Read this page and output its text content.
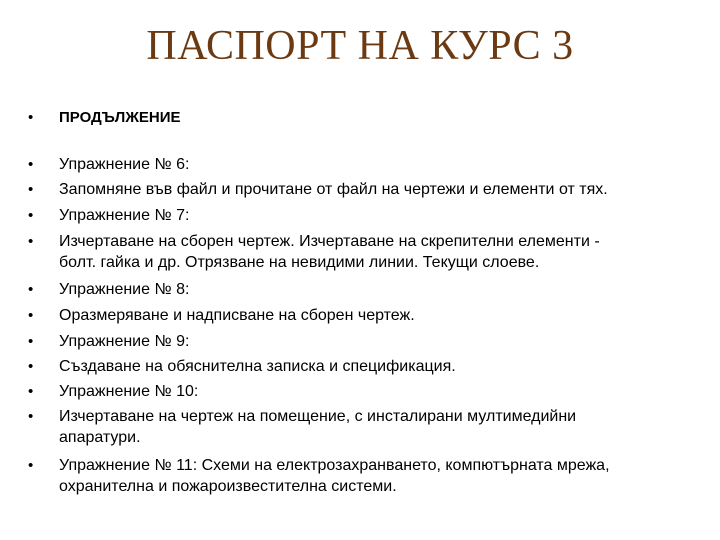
ПАСПОРТ НА КУРС 3
• ПРОДЪЛЖЕНИЕ
• Упражнение № 6:
• Запомняне във файл и прочитане от файл на чертежи и елементи от тях.
• Упражнение № 7:
• Изчертаване на сборен чертеж. Изчертаване на скрепителни елементи -
болт. гайка и др. Отрязване на невидими линии. Текущи слоеве.
• Упражнение № 8:
• Оразмеряване и надписване на сборен чертеж.
• Упражнение № 9:
• Създаване на обяснителна записка и спецификация.
• Упражнение № 10:
• Изчертаване на чертеж на помещение, с инсталирани мултимедийни
апаратури.
• Упражнение № 11: Схеми на електрозахранването, компютърната мрежа,
охранителна и пожароизвестителна системи.
